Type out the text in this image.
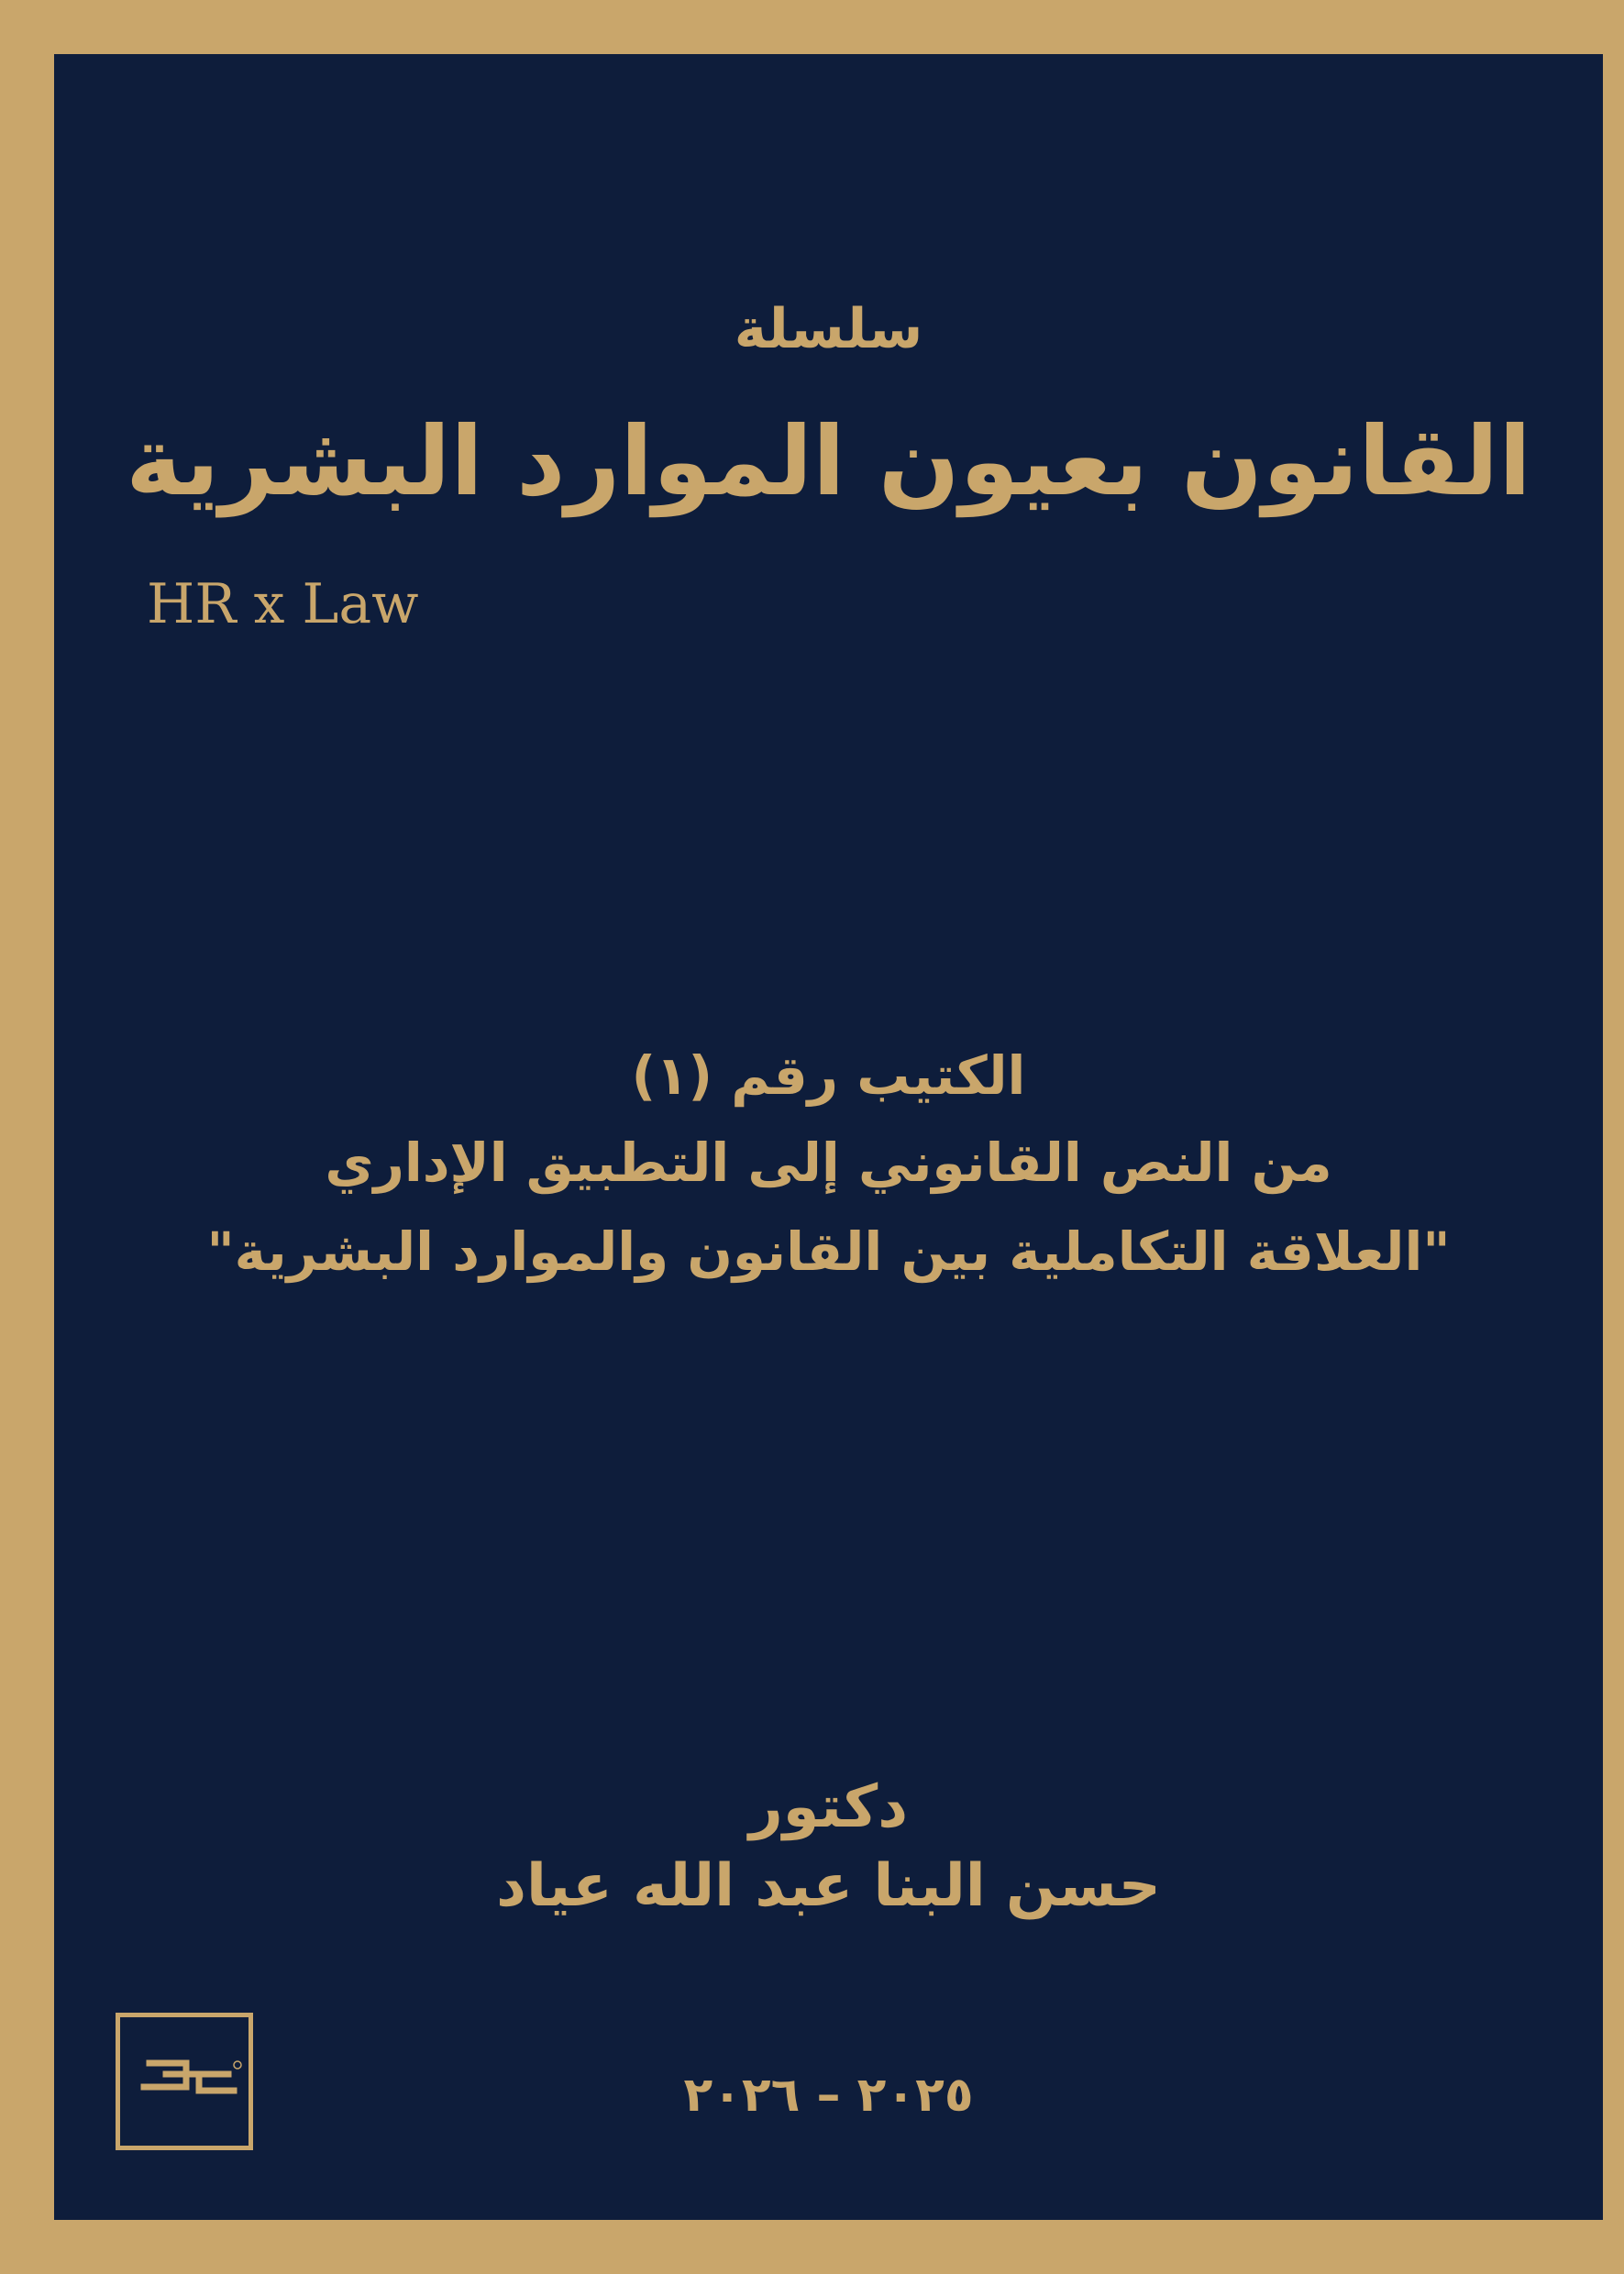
سلسلة
القانون بعيون الموارد البشرية
HR x Law
الكتيب رقم (١)
من النص القانوني إلى التطبيق الإداري
"العلاقة التكاملية بين القانون والموارد البشرية"
دكتور
حسن البنا عبد الله عياد
٢٠٢٥ – ٢٠٢٦
